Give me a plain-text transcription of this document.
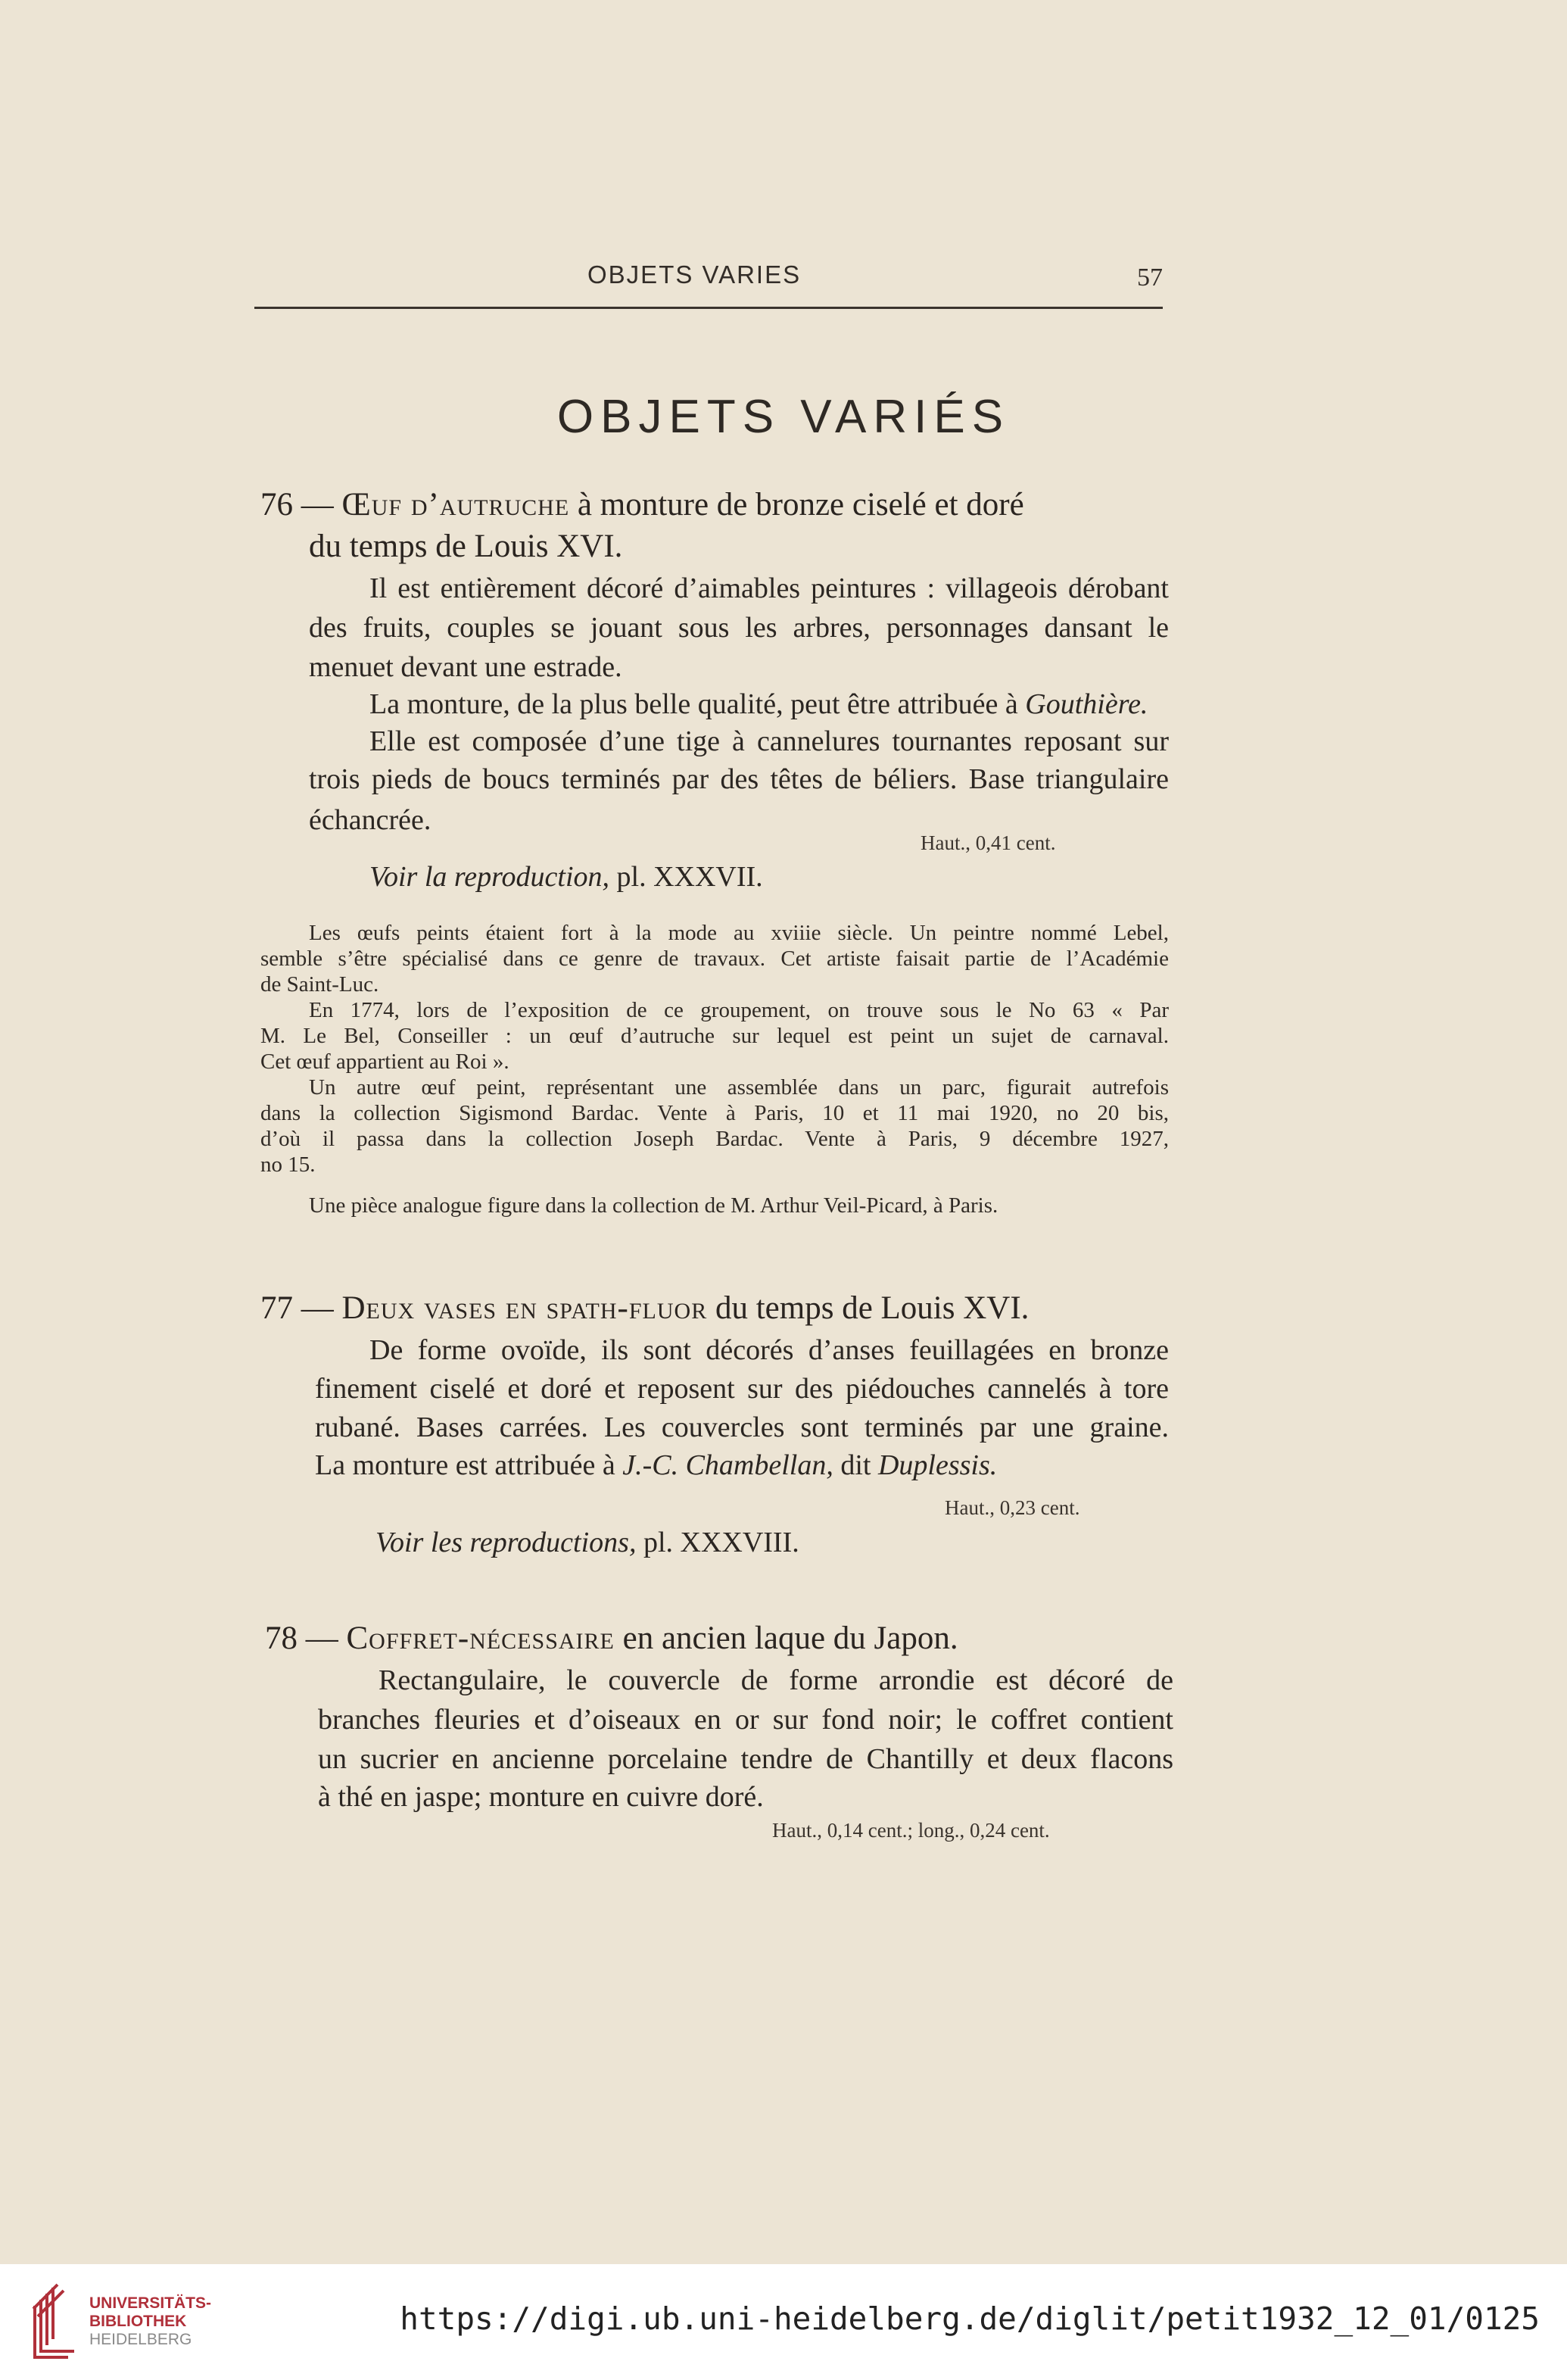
OBJETS VARIES	57
OBJETS VARIÉS
76 — Œuf d’autruche à monture de bronze ciselé et doré
du temps de Louis XVI.
Il est entièrement décoré d’aimables peintures : villageois dérobant
des fruits, couples se jouant sous les arbres, personnages dansant le
menuet devant une estrade.
La monture, de la plus belle qualité, peut être attribuée à Gouthière.
Elle est composée d’une tige à cannelures tournantes reposant sur
trois pieds de boucs terminés par des têtes de béliers. Base triangulaire
échancrée.
Haut., 0,41 cent.
Voir la reproduction, pl. XXXVII.
Les œufs peints étaient fort à la mode au xviiie siècle. Un peintre nommé Lebel,
semble s’être spécialisé dans ce genre de travaux. Cet artiste faisait partie de l’Académie
de Saint-Luc.
En 1774, lors de l’exposition de ce groupement, on trouve sous le No 63 « Par
M. Le Bel, Conseiller : un œuf d’autruche sur lequel est peint un sujet de carnaval.
Cet œuf appartient au Roi ».
Un autre œuf peint, représentant une assemblée dans un parc, figurait autrefois
dans la collection Sigismond Bardac. Vente à Paris, 10 et 11 mai 1920, no 20 bis,
d’où il passa dans la collection Joseph Bardac. Vente à Paris, 9 décembre 1927,
no 15.
Une pièce analogue figure dans la collection de M. Arthur Veil-Picard, à Paris.
77 — Deux vases en spath-fluor du temps de Louis XVI.
De forme ovoïde, ils sont décorés d’anses feuillagées en bronze
finement ciselé et doré et reposent sur des piédouches cannelés à tore
rubané. Bases carrées. Les couvercles sont terminés par une graine.
La monture est attribuée à J.-C. Chambellan, dit Duplessis.
Haut., 0,23 cent.
Voir les reproductions, pl. XXXVIII.
78 — Coffret-nécessaire en ancien laque du Japon.
Rectangulaire, le couvercle de forme arrondie est décoré de
branches fleuries et d’oiseaux en or sur fond noir; le coffret contient
un sucrier en ancienne porcelaine tendre de Chantilly et deux flacons
à thé en jaspe; monture en cuivre doré.
Haut., 0,14 cent.; long., 0,24 cent.
UNIVERSITÄTS-
BIBLIOTHEK
HEIDELBERG
https://digi.ub.uni-heidelberg.de/diglit/petit1932_12_01/0125
